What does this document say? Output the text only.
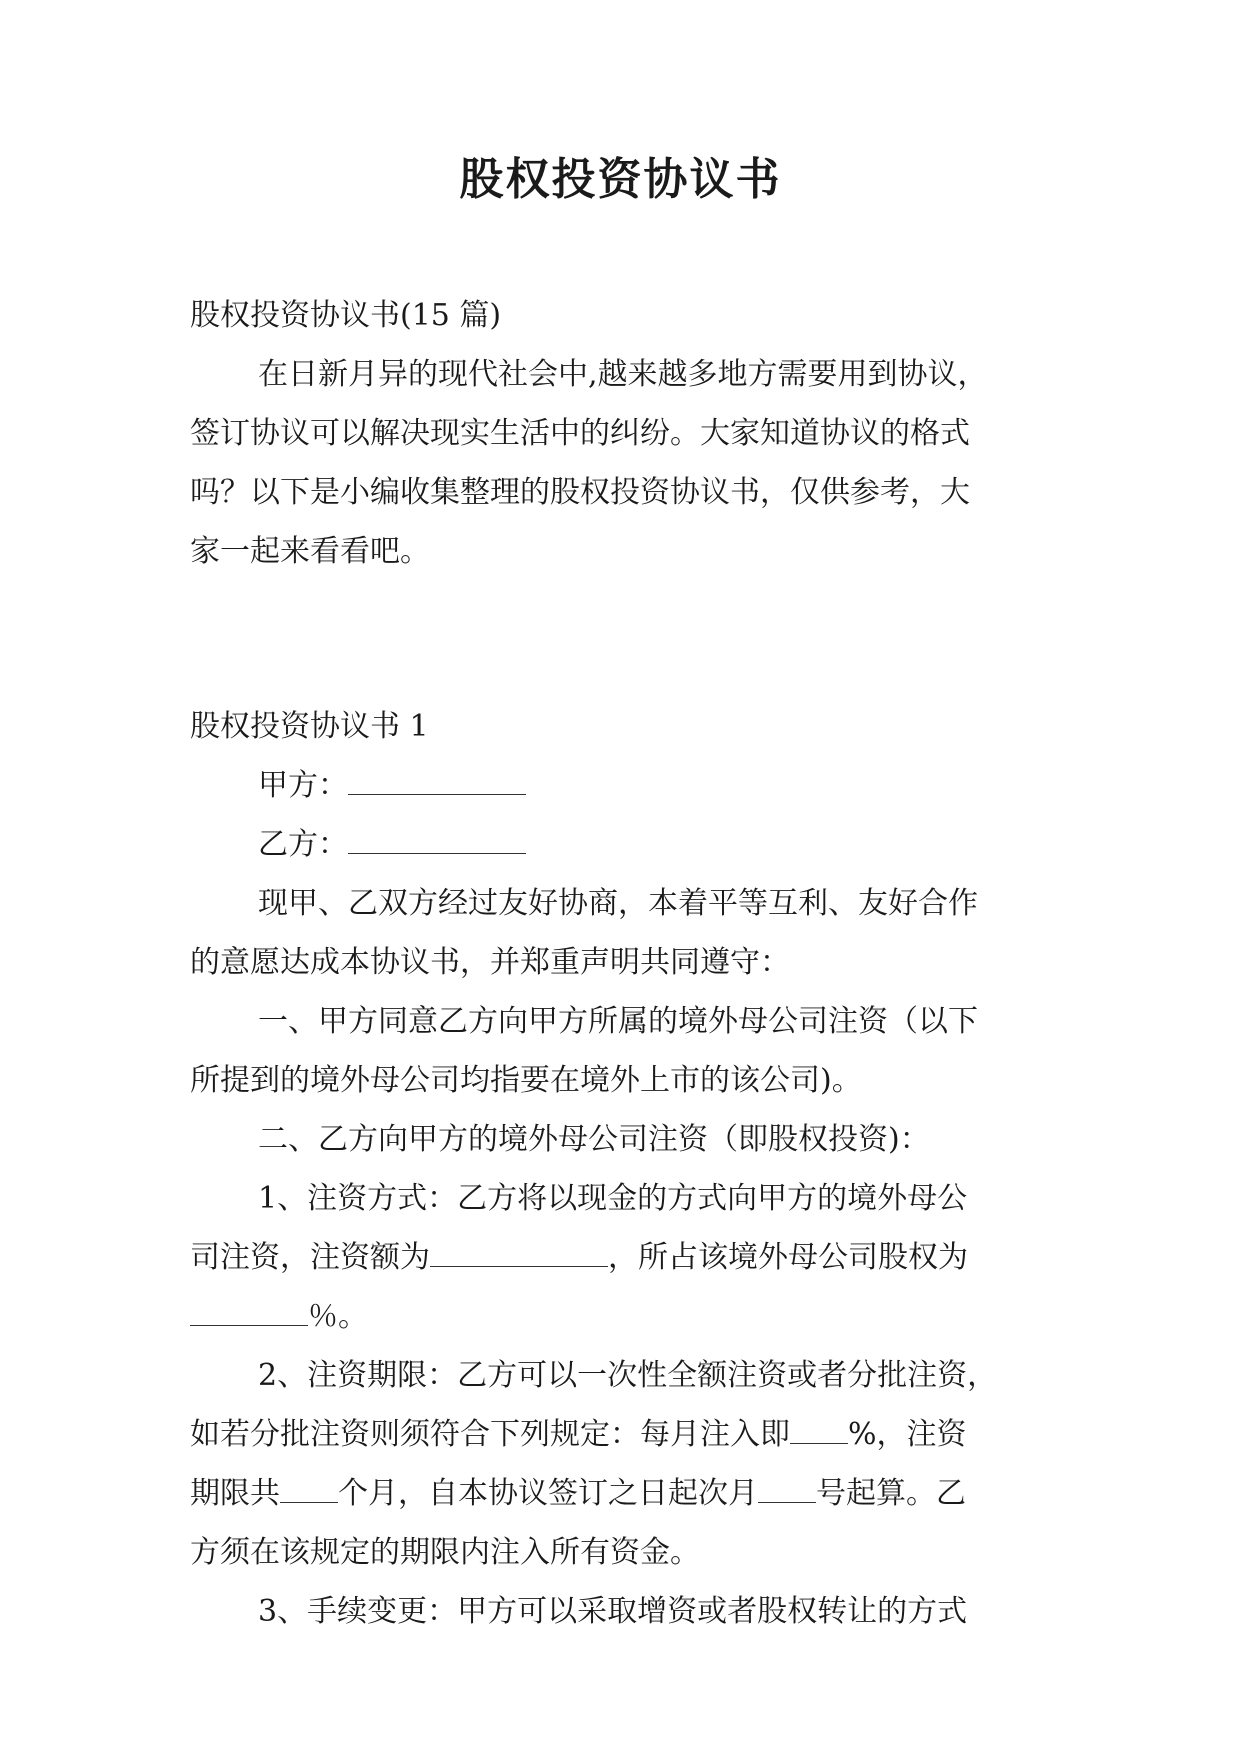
股权投资协议书
股权投资协议书(15 篇)
在日新月异的现代社会中,越来越多地方需要用到协议，
签订协议可以解决现实生活中的纠纷。大家知道协议的格式
吗？以下是小编收集整理的股权投资协议书，仅供参考，大
家一起来看看吧。
股权投资协议书 1
甲方：
乙方：
现甲、乙双方经过友好协商，本着平等互利、友好合作
的意愿达成本协议书，并郑重声明共同遵守：
一、甲方同意乙方向甲方所属的境外母公司注资（以下
所提到的境外母公司均指要在境外上市的该公司)。
二、乙方向甲方的境外母公司注资（即股权投资)：
1、注资方式：乙方将以现金的方式向甲方的境外母公
司注资，注资额为	，所占该境外母公司股权为
％。
2、注资期限：乙方可以一次性全额注资或者分批注资，
如若分批注资则须符合下列规定：每月注入即 %，注资
期限共 个月，自本协议签订之日起次月 号起算。乙
方须在该规定的期限内注入所有资金。
3、手续变更：甲方可以采取增资或者股权转让的方式
